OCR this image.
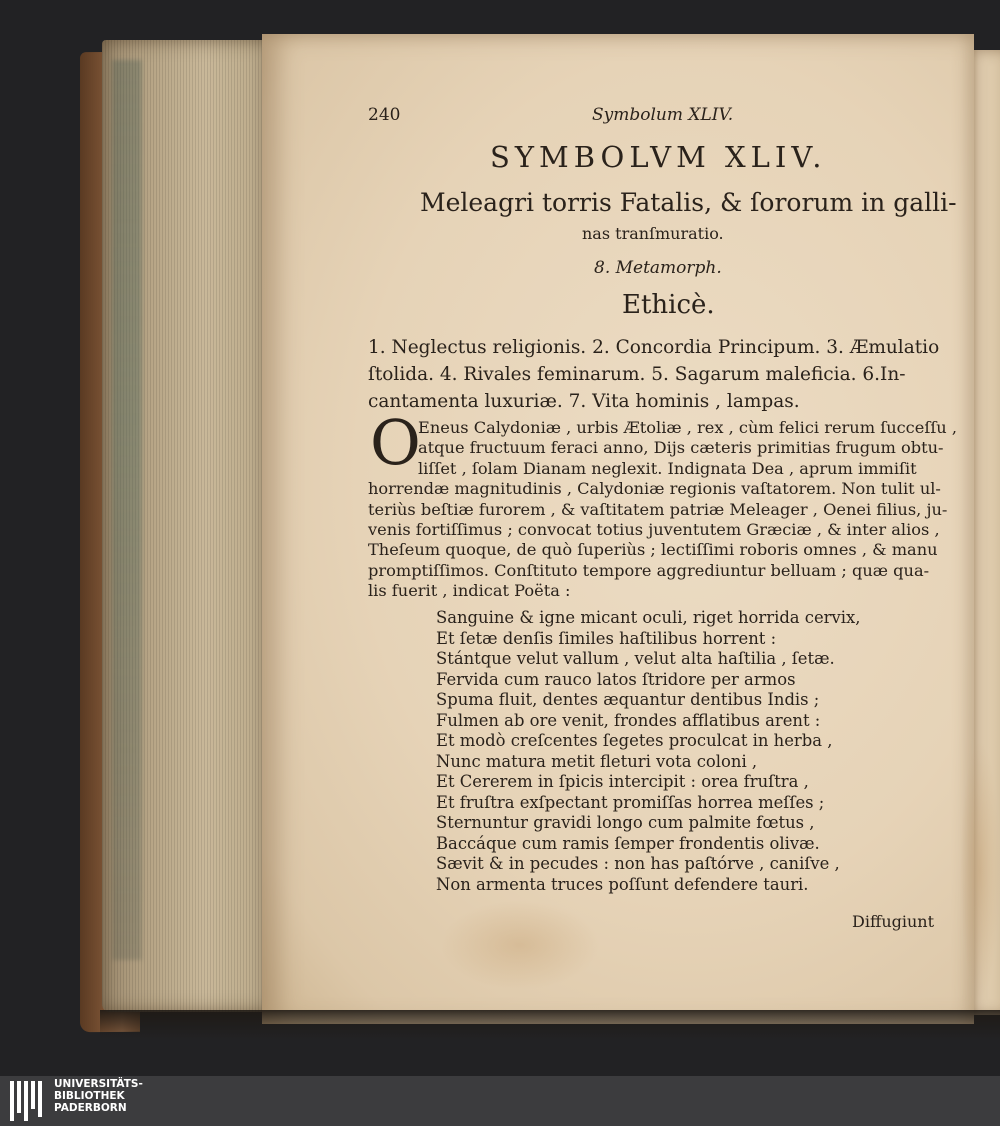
240	Symbolum XLIV.
SYMBOLVM XLIV.
Meleagri torris Fatalis, & ſororum in galli-
nas tranſmuratio.
8. Metamorph.
Ethicè.
1. Neglectus religionis. 2. Concordia Principum. 3. Æmulatio
ſtolida. 4. Rivales feminarum. 5. Sagarum maleficia. 6.In-
cantamenta luxuriæ. 7. Vita hominis , lampas.
O
Eneus Calydoniæ , urbis Ætoliæ , rex , cùm felici rerum ſucceſſu ,
atque fructuum feraci anno, Dijs cæteris primitias frugum obtu-
liſſet , ſolam Dianam neglexit. Indignata Dea , aprum immiſit
horrendæ magnitudinis , Calydoniæ regionis vaſtatorem. Non tulit ul-
teriùs beſtiæ furorem , & vaſtitatem patriæ Meleager , Oenei filius, ju-
venis fortiſſimus ; convocat totius juventutem Græciæ , & inter alios ,
Theſeum quoque, de quò ſuperiùs ; lectiſſimi roboris omnes , & manu
promptiſſimos. Conſtituto tempore aggrediuntur belluam ; quæ qua-
lis fuerit , indicat Poëta :
Sanguine & igne micant oculi, riget horrida cervix,
Et ſetæ denſis ſimiles haſtilibus horrent :
Stántque velut vallum , velut alta haſtilia , ſetæ.
Fervida cum rauco latos ſtridore per armos
Spuma fluit, dentes æquantur dentibus Indis ;
Fulmen ab ore venit, frondes afflatibus arent :
Et modò creſcentes ſegetes proculcat in herba ,
Nunc matura metit fleturi vota coloni ,
Et Cererem in ſpicis intercipit : orea fruſtra ,
Et fruſtra exſpectant promiſſas horrea meſſes ;
Sternuntur gravidi longo cum palmite fœtus ,
Baccáque cum ramis ſemper frondentis olivæ.
Sævit & in pecudes : non has paſtórve , caniſve ,
Non armenta truces poſſunt defendere tauri.
Diffugiunt
UNIVERSITÄTS-
BIBLIOTHEK
PADERBORN
